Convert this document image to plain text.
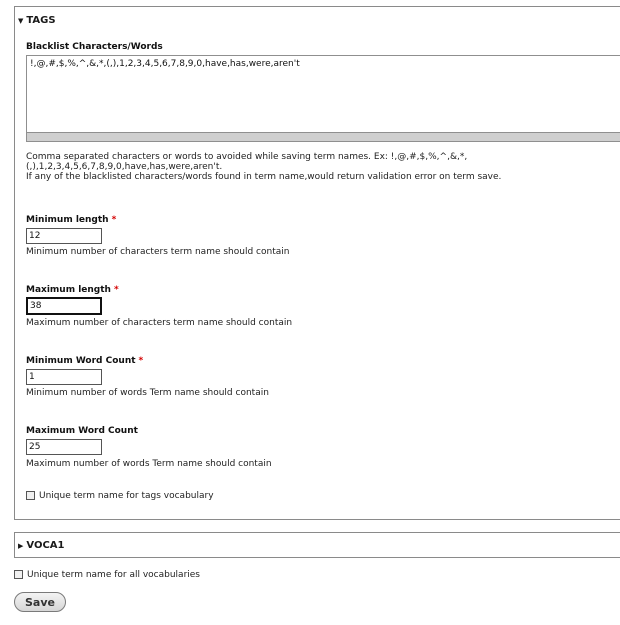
▼ TAGS
Blacklist Characters/Words
!,@,#,$,%,^,&,*,(,),1,2,3,4,5,6,7,8,9,0,have,has,were,aren't
Comma separated characters or words to avoided while saving term names. Ex: !,@,#,$,%,^,&,*,(,),1,2,3,4,5,6,7,8,9,0,have,has,were,aren't.
If any of the blacklisted characters/words found in term name,would return validation error on term save.
Minimum length *
12
Minimum number of characters term name should contain
Maximum length *
38
Maximum number of characters term name should contain
Minimum Word Count *
1
Minimum number of words Term name should contain
Maximum Word Count
25
Maximum number of words Term name should contain
Unique term name for tags vocabulary
▶ VOCA1
Unique term name for all vocabularies
Save
